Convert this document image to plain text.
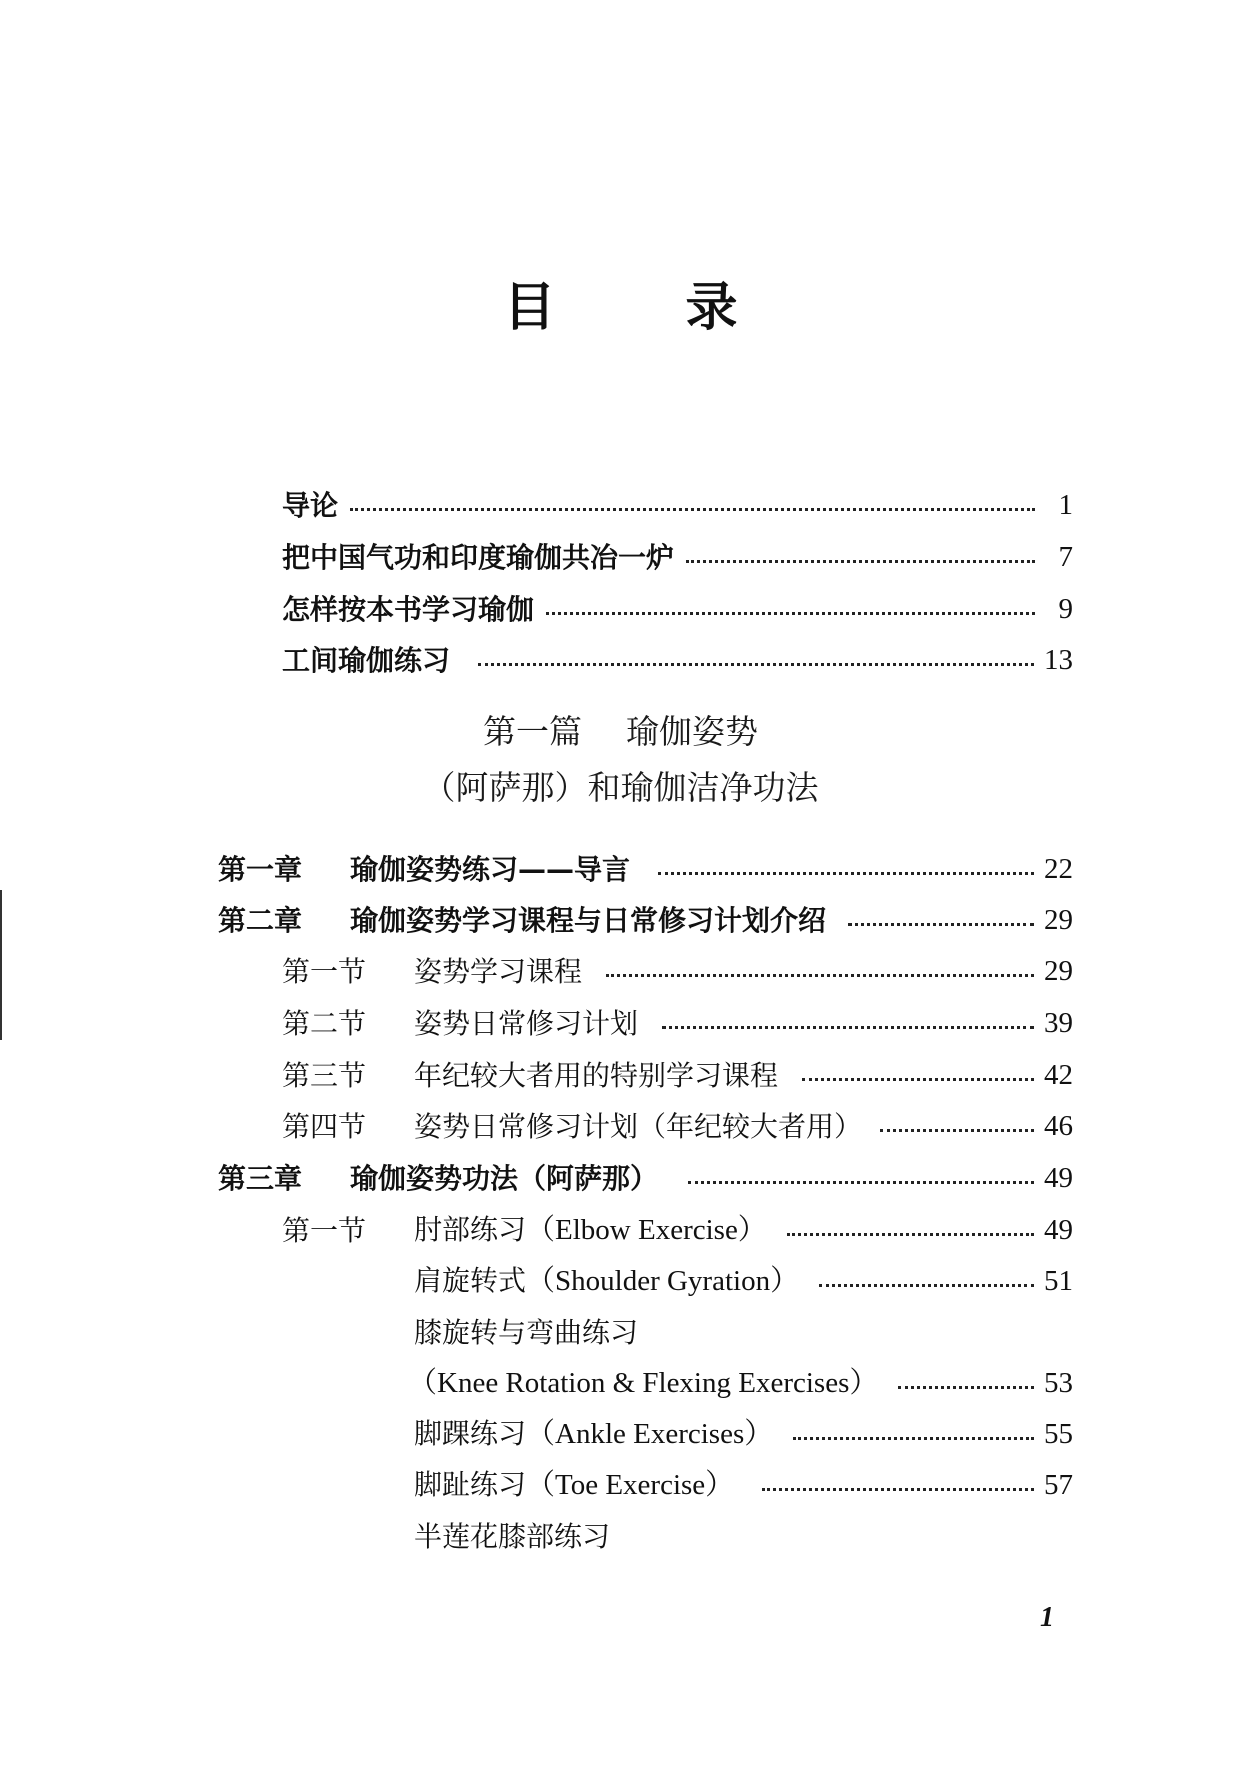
目 录
导论	1
把中国气功和印度瑜伽共冶一炉	7
怎样按本书学习瑜伽	9
工间瑜伽练习	13
第一篇 瑜伽姿势
（阿萨那）和瑜伽洁净功法
第一章	瑜伽姿势练习——导言	22
第二章	瑜伽姿势学习课程与日常修习计划介绍	29
第一节	姿势学习课程	29
第二节	姿势日常修习计划	39
第三节	年纪较大者用的特别学习课程	42
第四节	姿势日常修习计划（年纪较大者用）	46
第三章	瑜伽姿势功法（阿萨那）	49
第一节	肘部练习（Elbow Exercise）	49
肩旋转式（Shoulder Gyration）	51
膝旋转与弯曲练习
（Knee Rotation & Flexing Exercises）	53
脚踝练习（Ankle Exercises）	55
脚趾练习（Toe Exercise）	57
半莲花膝部练习
1
